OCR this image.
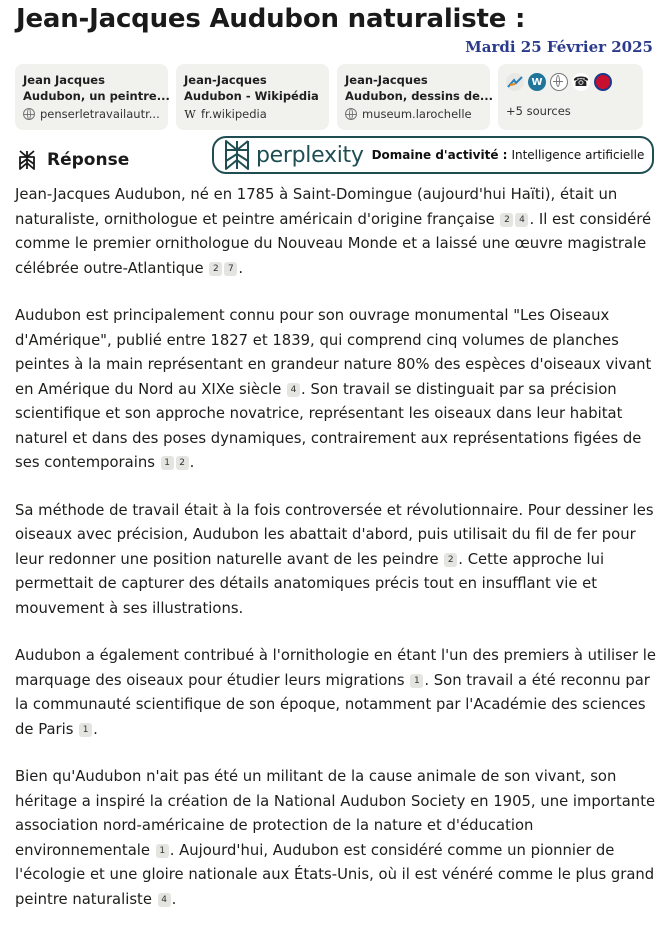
Jean-Jacques Audubon naturaliste :
Mardi 25 Février 2025
Jean Jacques
Audubon, un peintre...
penserletravailautr...
Jean-Jacques
Audubon - Wikipédia
W fr.wikipedia
Jean-Jacques
Audubon, dessins de...
museum.larochelle
W ☎
+5 sources
Réponse	perplexity Domaine d'activité : Intelligence artificielle

Jean-Jacques Audubon, né en 1785 à Saint-Domingue (aujourd'hui Haïti), était un naturaliste, ornithologue et peintre américain d'origine française 2 4 . Il est considéré comme le premier ornithologue du Nouveau Monde et a laissé une œuvre magistrale célébrée outre-Atlantique 2 7 .

Audubon est principalement connu pour son ouvrage monumental "Les Oiseaux d'Amérique", publié entre 1827 et 1839, qui comprend cinq volumes de planches peintes à la main représentant en grandeur nature 80% des espèces d'oiseaux vivant en Amérique du Nord au XIXe siècle 4 . Son travail se distinguait par sa précision scientifique et son approche novatrice, représentant les oiseaux dans leur habitat naturel et dans des poses dynamiques, contrairement aux représentations figées de ses contemporains 1 2 .

Sa méthode de travail était à la fois controversée et révolutionnaire. Pour dessiner les oiseaux avec précision, Audubon les abattait d'abord, puis utilisait du fil de fer pour leur redonner une position naturelle avant de les peindre 2 . Cette approche lui permettait de capturer des détails anatomiques précis tout en insufflant vie et mouvement à ses illustrations.

Audubon a également contribué à l'ornithologie en étant l'un des premiers à utiliser le marquage des oiseaux pour étudier leurs migrations 1 . Son travail a été reconnu par la communauté scientifique de son époque, notamment par l'Académie des sciences de Paris 1 .

Bien qu'Audubon n'ait pas été un militant de la cause animale de son vivant, son héritage a inspiré la création de la National Audubon Society en 1905, une importante association nord-américaine de protection de la nature et d'éducation environnementale 1 . Aujourd'hui, Audubon est considéré comme un pionnier de l'écologie et une gloire nationale aux États-Unis, où il est vénéré comme le plus grand peintre naturaliste 4 .
